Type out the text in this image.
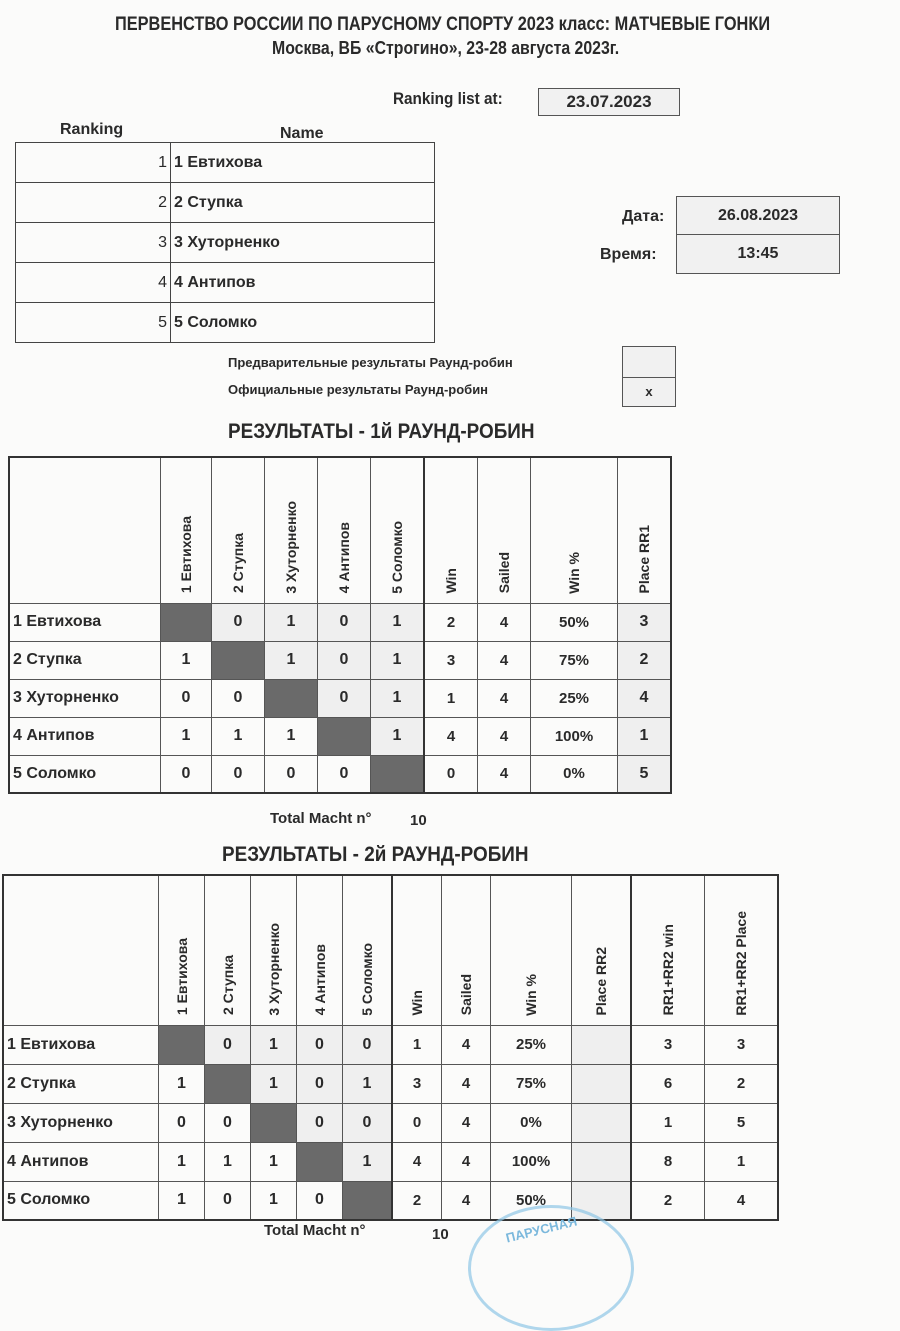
ПЕРВЕНСТВО РОССИИ ПО ПАРУСНОМУ СПОРТУ 2023 класс: МАТЧЕВЫЕ ГОНКИ
Москва, ВБ «Строгино», 23-28 августа 2023г.
Ranking list at:	23.07.2023
Ranking	Name
1	1 Евтихова
2	2 Ступка
3	3 Хуторненко
4	4 Антипов
5	5 Соломко
Дата:	26.08.2023
Время:	13:45
Предварительные результаты Раунд-робин
Официальные результаты Раунд-робин	x
РЕЗУЛЬТАТЫ - 1й РАУНД-РОБИН
	1 Евтихова	2 Ступка	3 Хуторненко	4 Антипов	5 Соломко	Win	Sailed	Win %	Place RR1
1 Евтихова		0	1	0	1	2	4	50%	3
2 Ступка	1		1	0	1	3	4	75%	2
3 Хуторненко	0	0		0	1	1	4	25%	4
4 Антипов	1	1	1		1	4	4	100%	1
5 Соломко	0	0	0	0		0	4	0%	5
Total Macht n°	10
РЕЗУЛЬТАТЫ - 2й РАУНД-РОБИН
	1 Евтихова	2 Ступка	3 Хуторненко	4 Антипов	5 Соломко	Win	Sailed	Win %	Place RR2	RR1+RR2 win	RR1+RR2 Place
1 Евтихова		0	1	0	0	1	4	25%		3	3
2 Ступка	1		1	0	1	3	4	75%		6	2
3 Хуторненко	0	0		0	0	0	4	0%		1	5
4 Антипов	1	1	1		1	4	4	100%		8	1
5 Соломко	1	0	1	0		2	4	50%		2	4
Total Macht n°	10	ПАРУСНАЯ
